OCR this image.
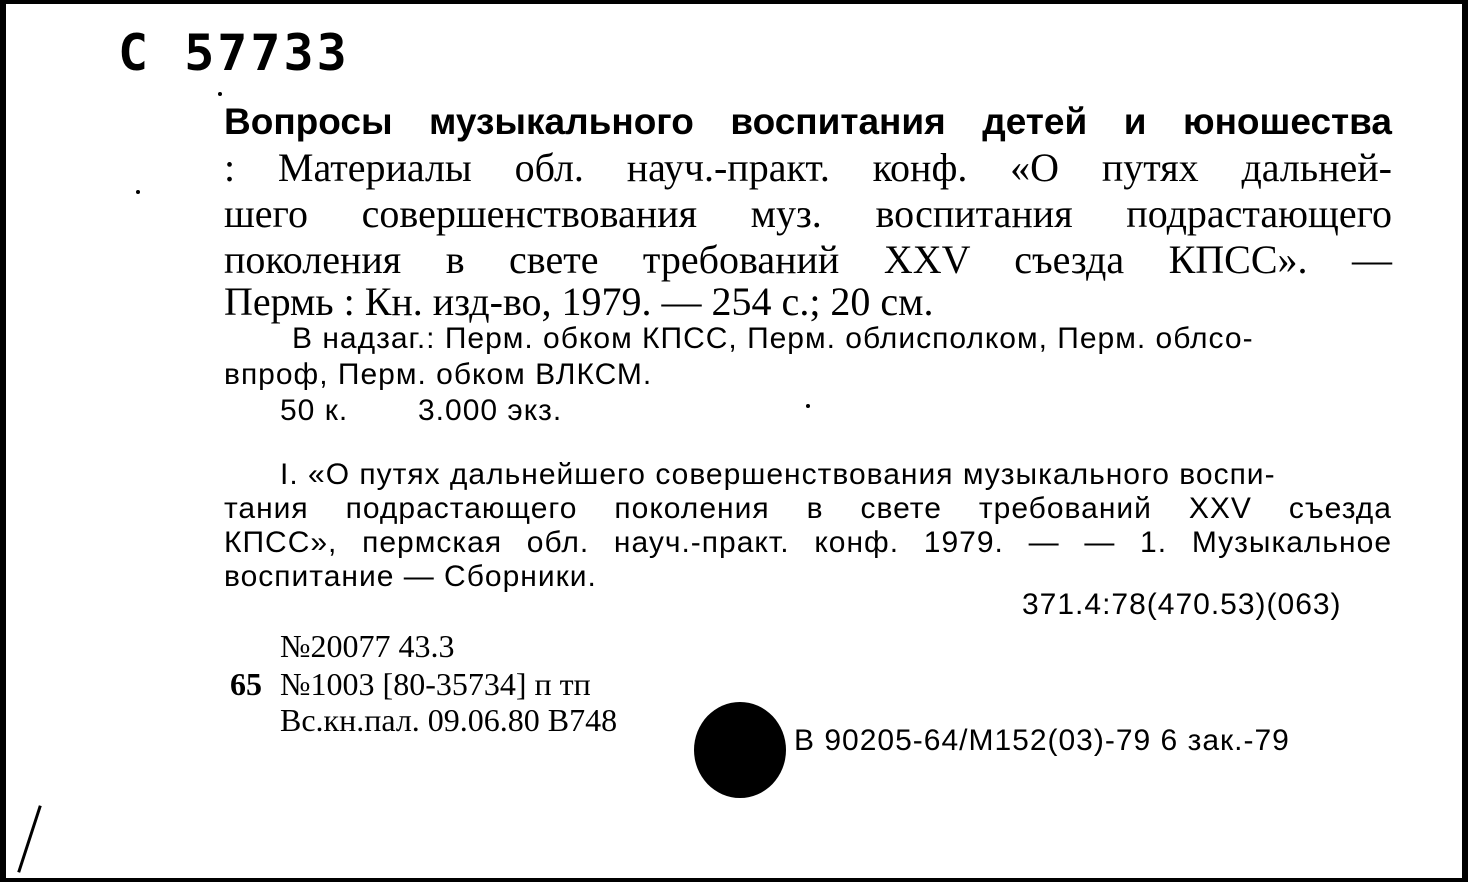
С 57733
Вопросы музыкального воспитания детей и юношества
: Материалы обл. науч.-практ. конф. «О путях дальней-
шего совершенствования муз. воспитания подрастающего
поколения в свете требований XXV съезда КПСС». —
Пермь : Кн. изд-во, 1979. — 254 с.; 20 см.
В надзаг.: Перм. обком КПСС, Перм. облисполком, Перм. облсо-
впроф, Перм. обком ВЛКСМ.
50 к. 3.000 экз.
I. «О путях дальнейшего совершенствования музыкального воспи-
тания подрастающего поколения в свете требований XXV съезда
КПСС», пермская обл. науч.-практ. конф. 1979. — — 1. Музыкальное
воспитание — Сборники.
371.4:78(470.53)(063)
№20077 43.3
65 №1003 [80-35734] п тп
Вс.кн.пал. 09.06.80 В748
В 90205-64/М152(03)-79 6 зак.-79
